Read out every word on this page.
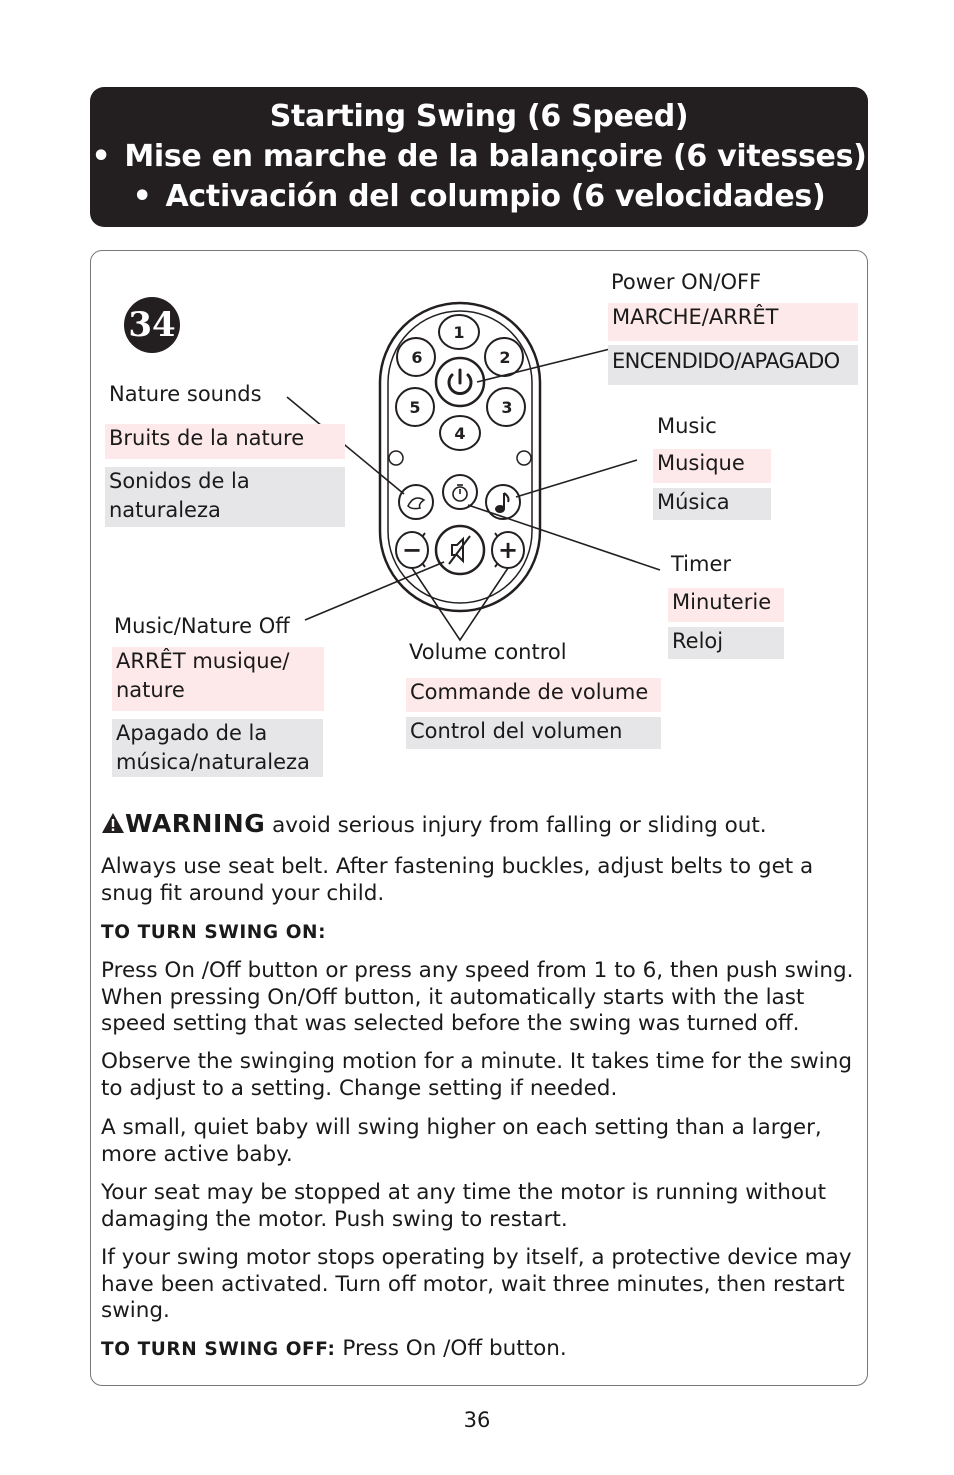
Starting Swing (6 Speed)
• Mise en marche de la balançoire (6 vitesses)
• Activación del columpio (6 velocidades)
34	1
2
3
4
5
6
−	+
Power ON/OFF
MARCHE/ARRÊT
ENCENDIDO/APAGADO
Nature sounds
Bruits de la nature
Sonidos de la
naturaleza
Music
Musique
Música
Timer
Minuterie
Reloj
Music/Nature Off
ARRÊT musique/
nature
Apagado de la
música/naturaleza
Volume control
Commande de volume
Control del volumen
WARNING avoid serious injury from falling or sliding out.
Always use seat belt. After fastening buckles, adjust belts to get a snug fit around your child.
TO TURN SWING ON:
Press On /Off button or press any speed from 1 to 6, then push swing. When pressing On/Off button, it automatically starts with the last speed setting that was selected before the swing was turned off.
Observe the swinging motion for a minute. It takes time for the swing to adjust to a setting. Change setting if needed.
A small, quiet baby will swing higher on each setting than a larger, more active baby.
Your seat may be stopped at any time the motor is running without damaging the motor. Push swing to restart.
If your swing motor stops operating by itself, a protective device may have been activated. Turn off motor, wait three minutes, then restart swing.
TO TURN SWING OFF: Press On /Off button.
36
